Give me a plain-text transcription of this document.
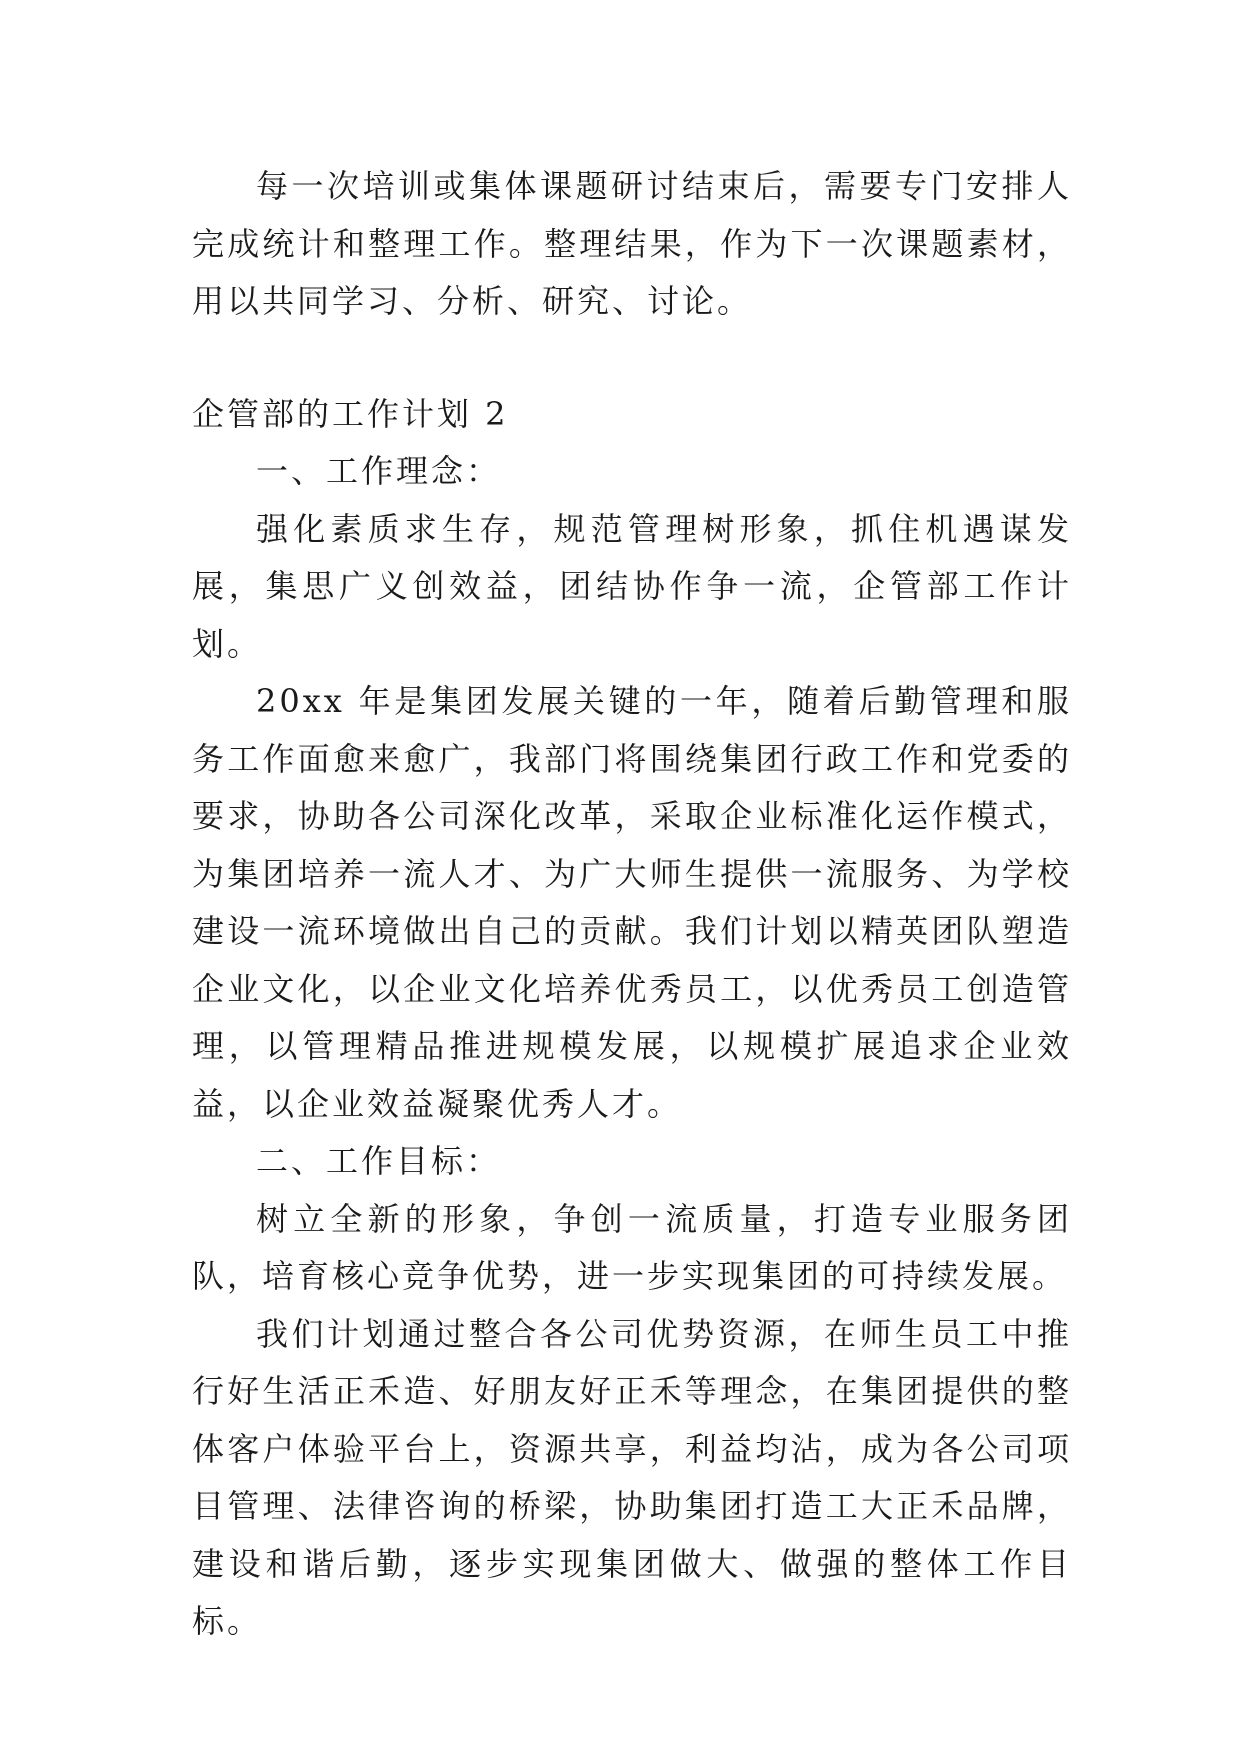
每一次培训或集体课题研讨结束后，需要专门安排人完成统计和整理工作。整理结果，作为下一次课题素材，用以共同学习、分析、研究、讨论。

企管部的工作计划 2

一、工作理念：

强化素质求生存，规范管理树形象，抓住机遇谋发展，集思广义创效益，团结协作争一流，企管部工作计划。

20xx 年是集团发展关键的一年，随着后勤管理和服务工作面愈来愈广，我部门将围绕集团行政工作和党委的要求，协助各公司深化改革，采取企业标准化运作模式，为集团培养一流人才、为广大师生提供一流服务、为学校建设一流环境做出自己的贡献。我们计划以精英团队塑造企业文化，以企业文化培养优秀员工，以优秀员工创造管理，以管理精品推进规模发展，以规模扩展追求企业效益，以企业效益凝聚优秀人才。

二、工作目标：

树立全新的形象，争创一流质量，打造专业服务团队，培育核心竞争优势，进一步实现集团的可持续发展。

我们计划通过整合各公司优势资源，在师生员工中推行好生活正禾造、好朋友好正禾等理念，在集团提供的整体客户体验平台上，资源共享，利益均沾，成为各公司项目管理、法律咨询的桥梁，协助集团打造工大正禾品牌，建设和谐后勤，逐步实现集团做大、做强的整体工作目标。
